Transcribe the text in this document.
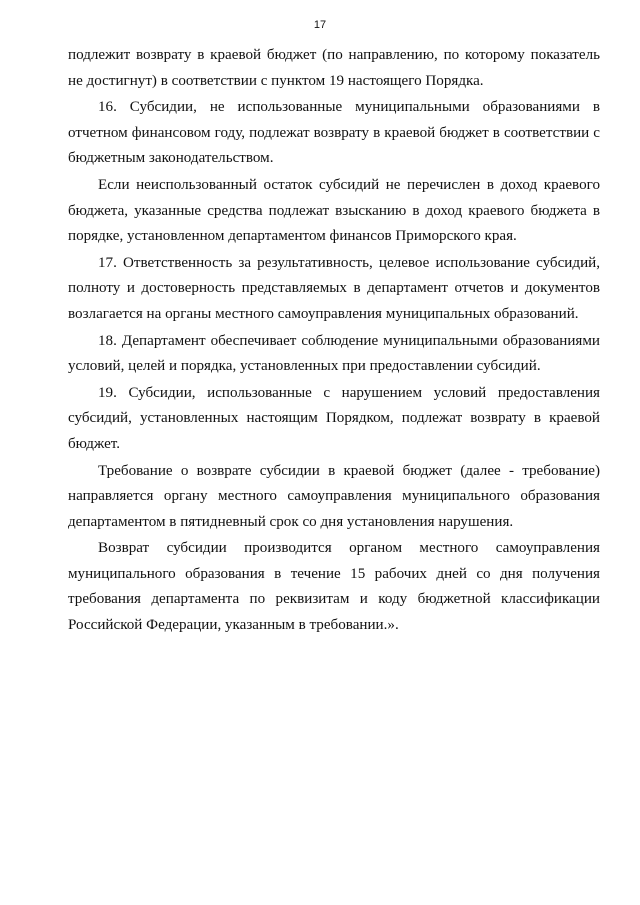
17

подлежит возврату в краевой бюджет (по направлению, по которому показатель не достигнут) в соответствии с пунктом 19 настоящего Порядка.

16. Субсидии, не использованные муниципальными образованиями в отчетном финансовом году, подлежат возврату в краевой бюджет в соответствии с бюджетным законодательством.

Если неиспользованный остаток субсидий не перечислен в доход краевого бюджета, указанные средства подлежат взысканию в доход краевого бюджета в порядке, установленном департаментом финансов Приморского края.

17. Ответственность за результативность, целевое использование субсидий, полноту и достоверность представляемых в департамент отчетов и документов возлагается на органы местного самоуправления муниципальных образований.

18. Департамент обеспечивает соблюдение муниципальными образованиями условий, целей и порядка, установленных при предоставлении субсидий.

19. Субсидии, использованные с нарушением условий предоставления субсидий, установленных настоящим Порядком, подлежат возврату в краевой бюджет.

Требование о возврате субсидии в краевой бюджет (далее - требование) направляется органу местного самоуправления муниципального образования департаментом в пятидневный срок со дня установления нарушения.

Возврат субсидии производится органом местного самоуправления муниципального образования в течение 15 рабочих дней со дня получения требования департамента по реквизитам и коду бюджетной классификации Российской Федерации, указанным в требовании.».
